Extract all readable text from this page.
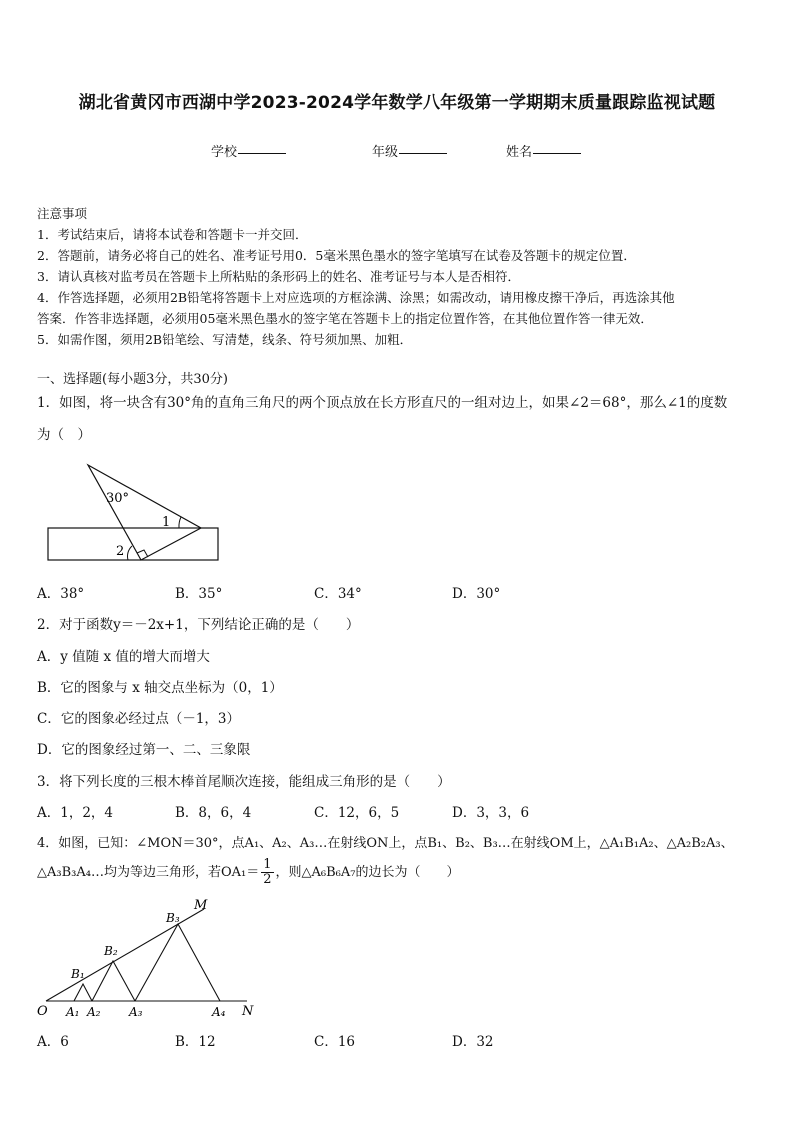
湖北省黄冈市西湖中学2023-2024学年数学八年级第一学期期末质量跟踪监视试题
学校	年级	姓名
注意事项
1．考试结束后，请将本试卷和答题卡一并交回．
2．答题前，请务必将自己的姓名、准考证号用0．5毫米黑色墨水的签字笔填写在试卷及答题卡的规定位置．
3．请认真核对监考员在答题卡上所粘贴的条形码上的姓名、准考证号与本人是否相符．
4．作答选择题，必须用2B铅笔将答题卡上对应选项的方框涂满、涂黑；如需改动，请用橡皮擦干净后，再选涂其他
答案．作答非选择题，必须用05毫米黑色墨水的签字笔在答题卡上的指定位置作答，在其他位置作答一律无效．
5．如需作图，须用2B铅笔绘、写清楚，线条、符号须加黑、加粗．
一、选择题(每小题3分，共30分)
1．如图，将一块含有30°角的直角三角尺的两个顶点放在长方形直尺的一组对边上，如果∠2＝68°，那么∠1的度数
为（　）
30°
1
2
A．38°	B．35°	C．34°	D．30°
2．对于函数y＝－2x+1，下列结论正确的是（　　）
A．y 值随 x 值的增大而增大
B．它的图象与 x 轴交点坐标为（0，1）
C．它的图象必经过点（－1，3）
D．它的图象经过第一、二、三象限
3．将下列长度的三根木棒首尾顺次连接，能组成三角形的是（　　）
A．1，2，4	B．8，6，4	C．12，6，5	D．3，3，6
4．如图，已知：∠MON＝30°，点A₁、A₂、A₃…在射线ON上，点B₁、B₂、B₃…在射线OM上，△A₁B₁A₂、△A₂B₂A₃、
△A₃B₃A₄…均为等边三角形，若$OA_1= \frac{1}{2}$ ，则△A₆B₆A₇的边长为（　　）
O	N
M
A₁ A₂ A₃	A₄
B₁
B₂
B₃
A．6	B．12	C．16	D．32
